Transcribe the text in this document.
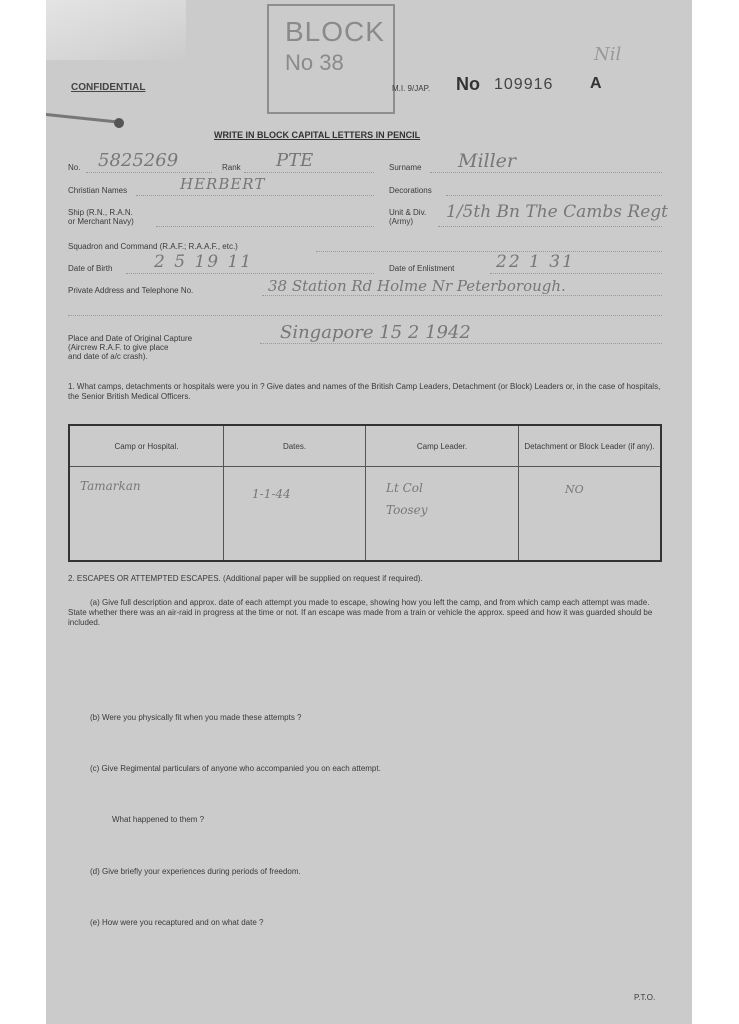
CONFIDENTIAL
BLOCK
No 38
M.I. 9/JAP. No 109916 A
Nil
WRITE IN BLOCK CAPITAL LETTERS IN PENCIL
No. 5825269	Rank PTE	Surname Miller
Christian Names	HERBERT	Decorations
Ship (R.N., R.A.N.
or Merchant Navy)
Unit & Div.
(Army) 1/5th Bn The Cambs Regt
Squadron and Command (R.A.F.; R.A.A.F., etc.)
Date of Birth 2 5 19 11	Date of Enlistment 22 1 31
Private Address and Telephone No.	38 Station Rd Holme Nr Peterborough.
Place and Date of Original Capture
(Aircrew R.A.F. to give place
and date of a/c crash).
Singapore 15 2 1942
1. What camps, detachments or hospitals were you in ? Give dates and names of the British Camp Leaders, Detachment (or Block) Leaders or, in the case of hospitals, the Senior British Medical Officers.
Camp or Hospital.	Dates.	Camp Leader.	Detachment or Block Leader (if any).

Tamarkan	1-1-44	Lt Col Toosey	NO
2. ESCAPES OR ATTEMPTED ESCAPES. (Additional paper will be supplied on request if required).
(a) Give full description and approx. date of each attempt you made to escape, showing how you left the camp, and from which camp each attempt was made. State whether there was an air-raid in progress at the time or not. If an escape was made from a train or vehicle the approx. speed and how it was guarded should be included.
(b) Were you physically fit when you made these attempts ?
(c) Give Regimental particulars of anyone who accompanied you on each attempt.
What happened to them ?
(d) Give briefly your experiences during periods of freedom.
(e) How were you recaptured and on what date ?
P.T.O.
